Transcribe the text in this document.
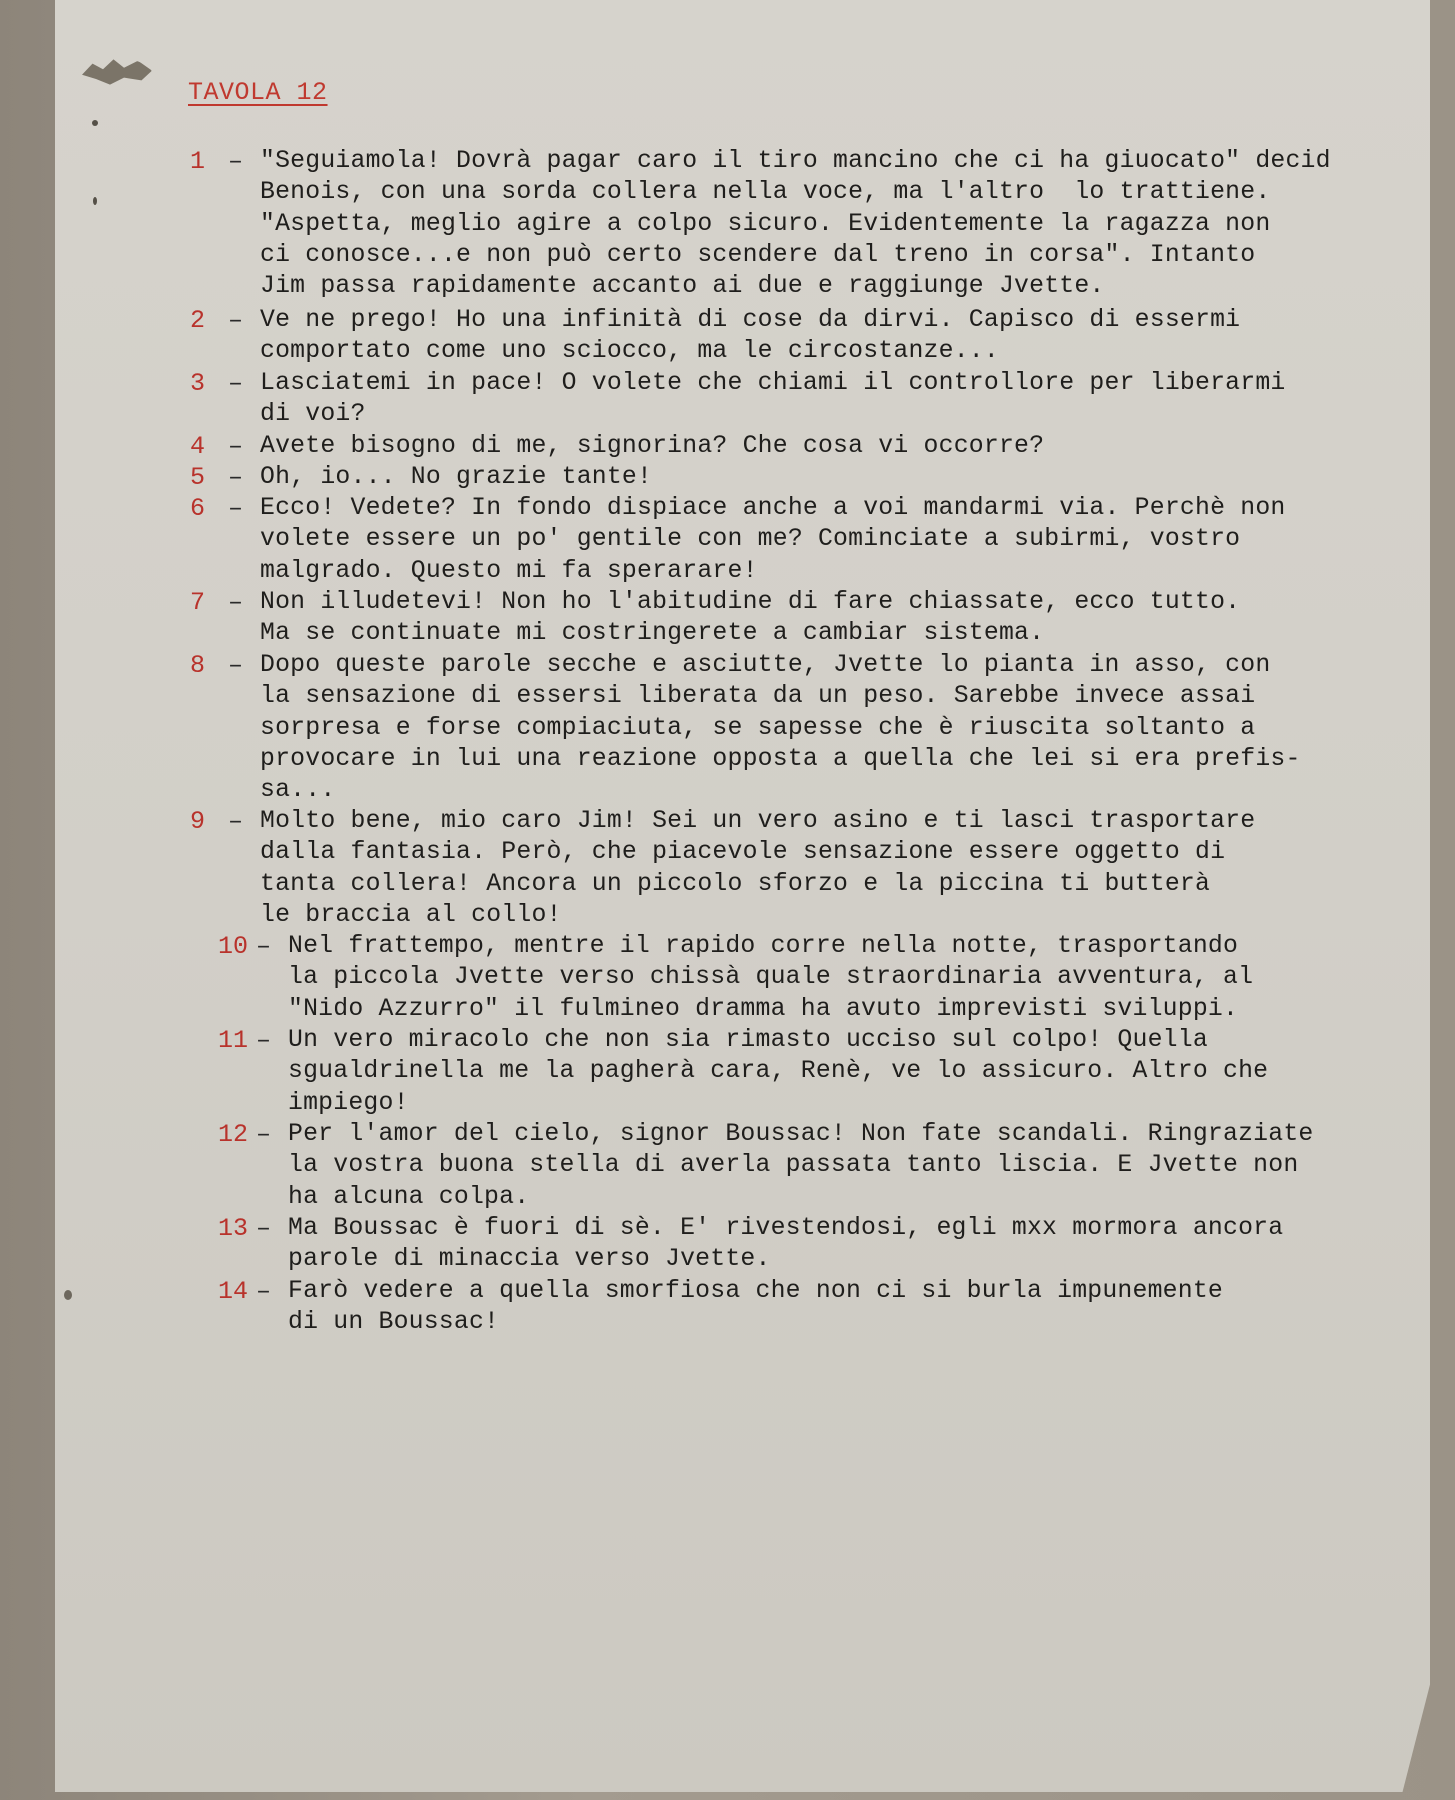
TAVOLA 12
1 – "Seguiamola! Dovrà pagar caro il tiro mancino che ci ha giuocato" decid
Benois, con una sorda collera nella voce, ma l'altro  lo trattiene.
"Aspetta, meglio agire a colpo sicuro. Evidentemente la ragazza non
ci conosce...e non può certo scendere dal treno in corsa". Intanto
Jim passa rapidamente accanto ai due e raggiunge Jvette.
2 – Ve ne prego! Ho una infinità di cose da dirvi. Capisco di essermi
comportato come uno sciocco, ma le circostanze...
3 – Lasciatemi in pace! O volete che chiami il controllore per liberarmi
di voi?
4 – Avete bisogno di me, signorina? Che cosa vi occorre?
5 – Oh, io... No grazie tante!
6 – Ecco! Vedete? In fondo dispiace anche a voi mandarmi via. Perchè non
volete essere un po' gentile con me? Cominciate a subirmi, vostro
malgrado. Questo mi fa sperarare!
7 – Non illudetevi! Non ho l'abitudine di fare chiassate, ecco tutto.
Ma se continuate mi costringerete a cambiar sistema.
8 – Dopo queste parole secche e asciutte, Jvette lo pianta in asso, con
la sensazione di essersi liberata da un peso. Sarebbe invece assai
sorpresa e forse compiaciuta, se sapesse che è riuscita soltanto a
provocare in lui una reazione opposta a quella che lei si era prefis-
sa...
9 – Molto bene, mio caro Jim! Sei un vero asino e ti lasci trasportare
dalla fantasia. Però, che piacevole sensazione essere oggetto di
tanta collera! Ancora un piccolo sforzo e la piccina ti butterà
le braccia al collo!
10 – Nel frattempo, mentre il rapido corre nella notte, trasportando
la piccola Jvette verso chissà quale straordinaria avventura, al
"Nido Azzurro" il fulmineo dramma ha avuto imprevisti sviluppi.
11 – Un vero miracolo che non sia rimasto ucciso sul colpo! Quella
sgualdrinella me la pagherà cara, Renè, ve lo assicuro. Altro che
impiego!
12 – Per l'amor del cielo, signor Boussac! Non fate scandali. Ringraziate
la vostra buona stella di averla passata tanto liscia. E Jvette non
ha alcuna colpa.
13 – Ma Boussac è fuori di sè. E' rivestendosi, egli mxx mormora ancora
parole di minaccia verso Jvette.
14 – Farò vedere a quella smorfiosa che non ci si burla impunemente
di un Boussac!
